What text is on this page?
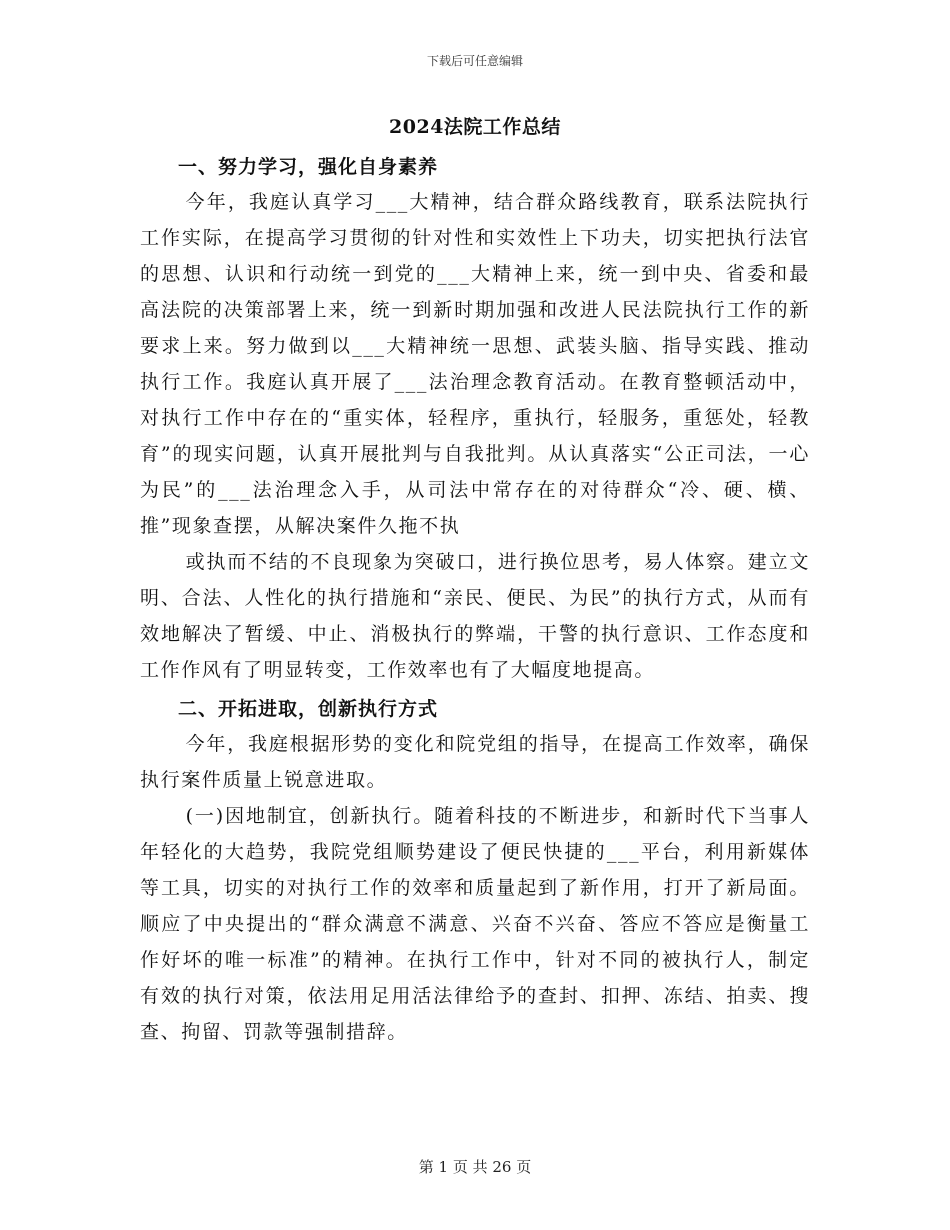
下载后可任意编辑
2024法院工作总结
一、努力学习，强化自身素养

今年，我庭认真学习___大精神，结合群众路线教育，联系法院执行工作实际，在提高学习贯彻的针对性和实效性上下功夫，切实把执行法官的思想、认识和行动统一到党的___大精神上来，统一到中央、省委和最高法院的决策部署上来，统一到新时期加强和改进人民法院执行工作的新要求上来。努力做到以___大精神统一思想、武装头脑、指导实践、推动执行工作。我庭认真开展了___法治理念教育活动。在教育整顿活动中，对执行工作中存在的“重实体，轻程序，重执行，轻服务，重惩处，轻教育”的现实问题，认真开展批判与自我批判。从认真落实“公正司法，一心为民”的___法治理念入手，从司法中常存在的对待群众“冷、硬、横、推”现象查摆，从解决案件久拖不执

或执而不结的不良现象为突破口，进行换位思考，易人体察。建立文明、合法、人性化的执行措施和“亲民、便民、为民”的执行方式，从而有效地解决了暂缓、中止、消极执行的弊端，干警的执行意识、工作态度和工作作风有了明显转变，工作效率也有了大幅度地提高。

二、开拓进取，创新执行方式

今年，我庭根据形势的变化和院党组的指导，在提高工作效率，确保执行案件质量上锐意进取。

(一)因地制宜，创新执行。随着科技的不断进步，和新时代下当事人年轻化的大趋势，我院党组顺势建设了便民快捷的___平台，利用新媒体等工具，切实的对执行工作的效率和质量起到了新作用，打开了新局面。顺应了中央提出的“群众满意不满意、兴奋不兴奋、答应不答应是衡量工作好坏的唯一标准”的精神。在执行工作中，针对不同的被执行人，制定有效的执行对策，依法用足用活法律给予的查封、扣押、冻结、拍卖、搜查、拘留、罚款等强制措辞。

第 1 页 共 26 页
